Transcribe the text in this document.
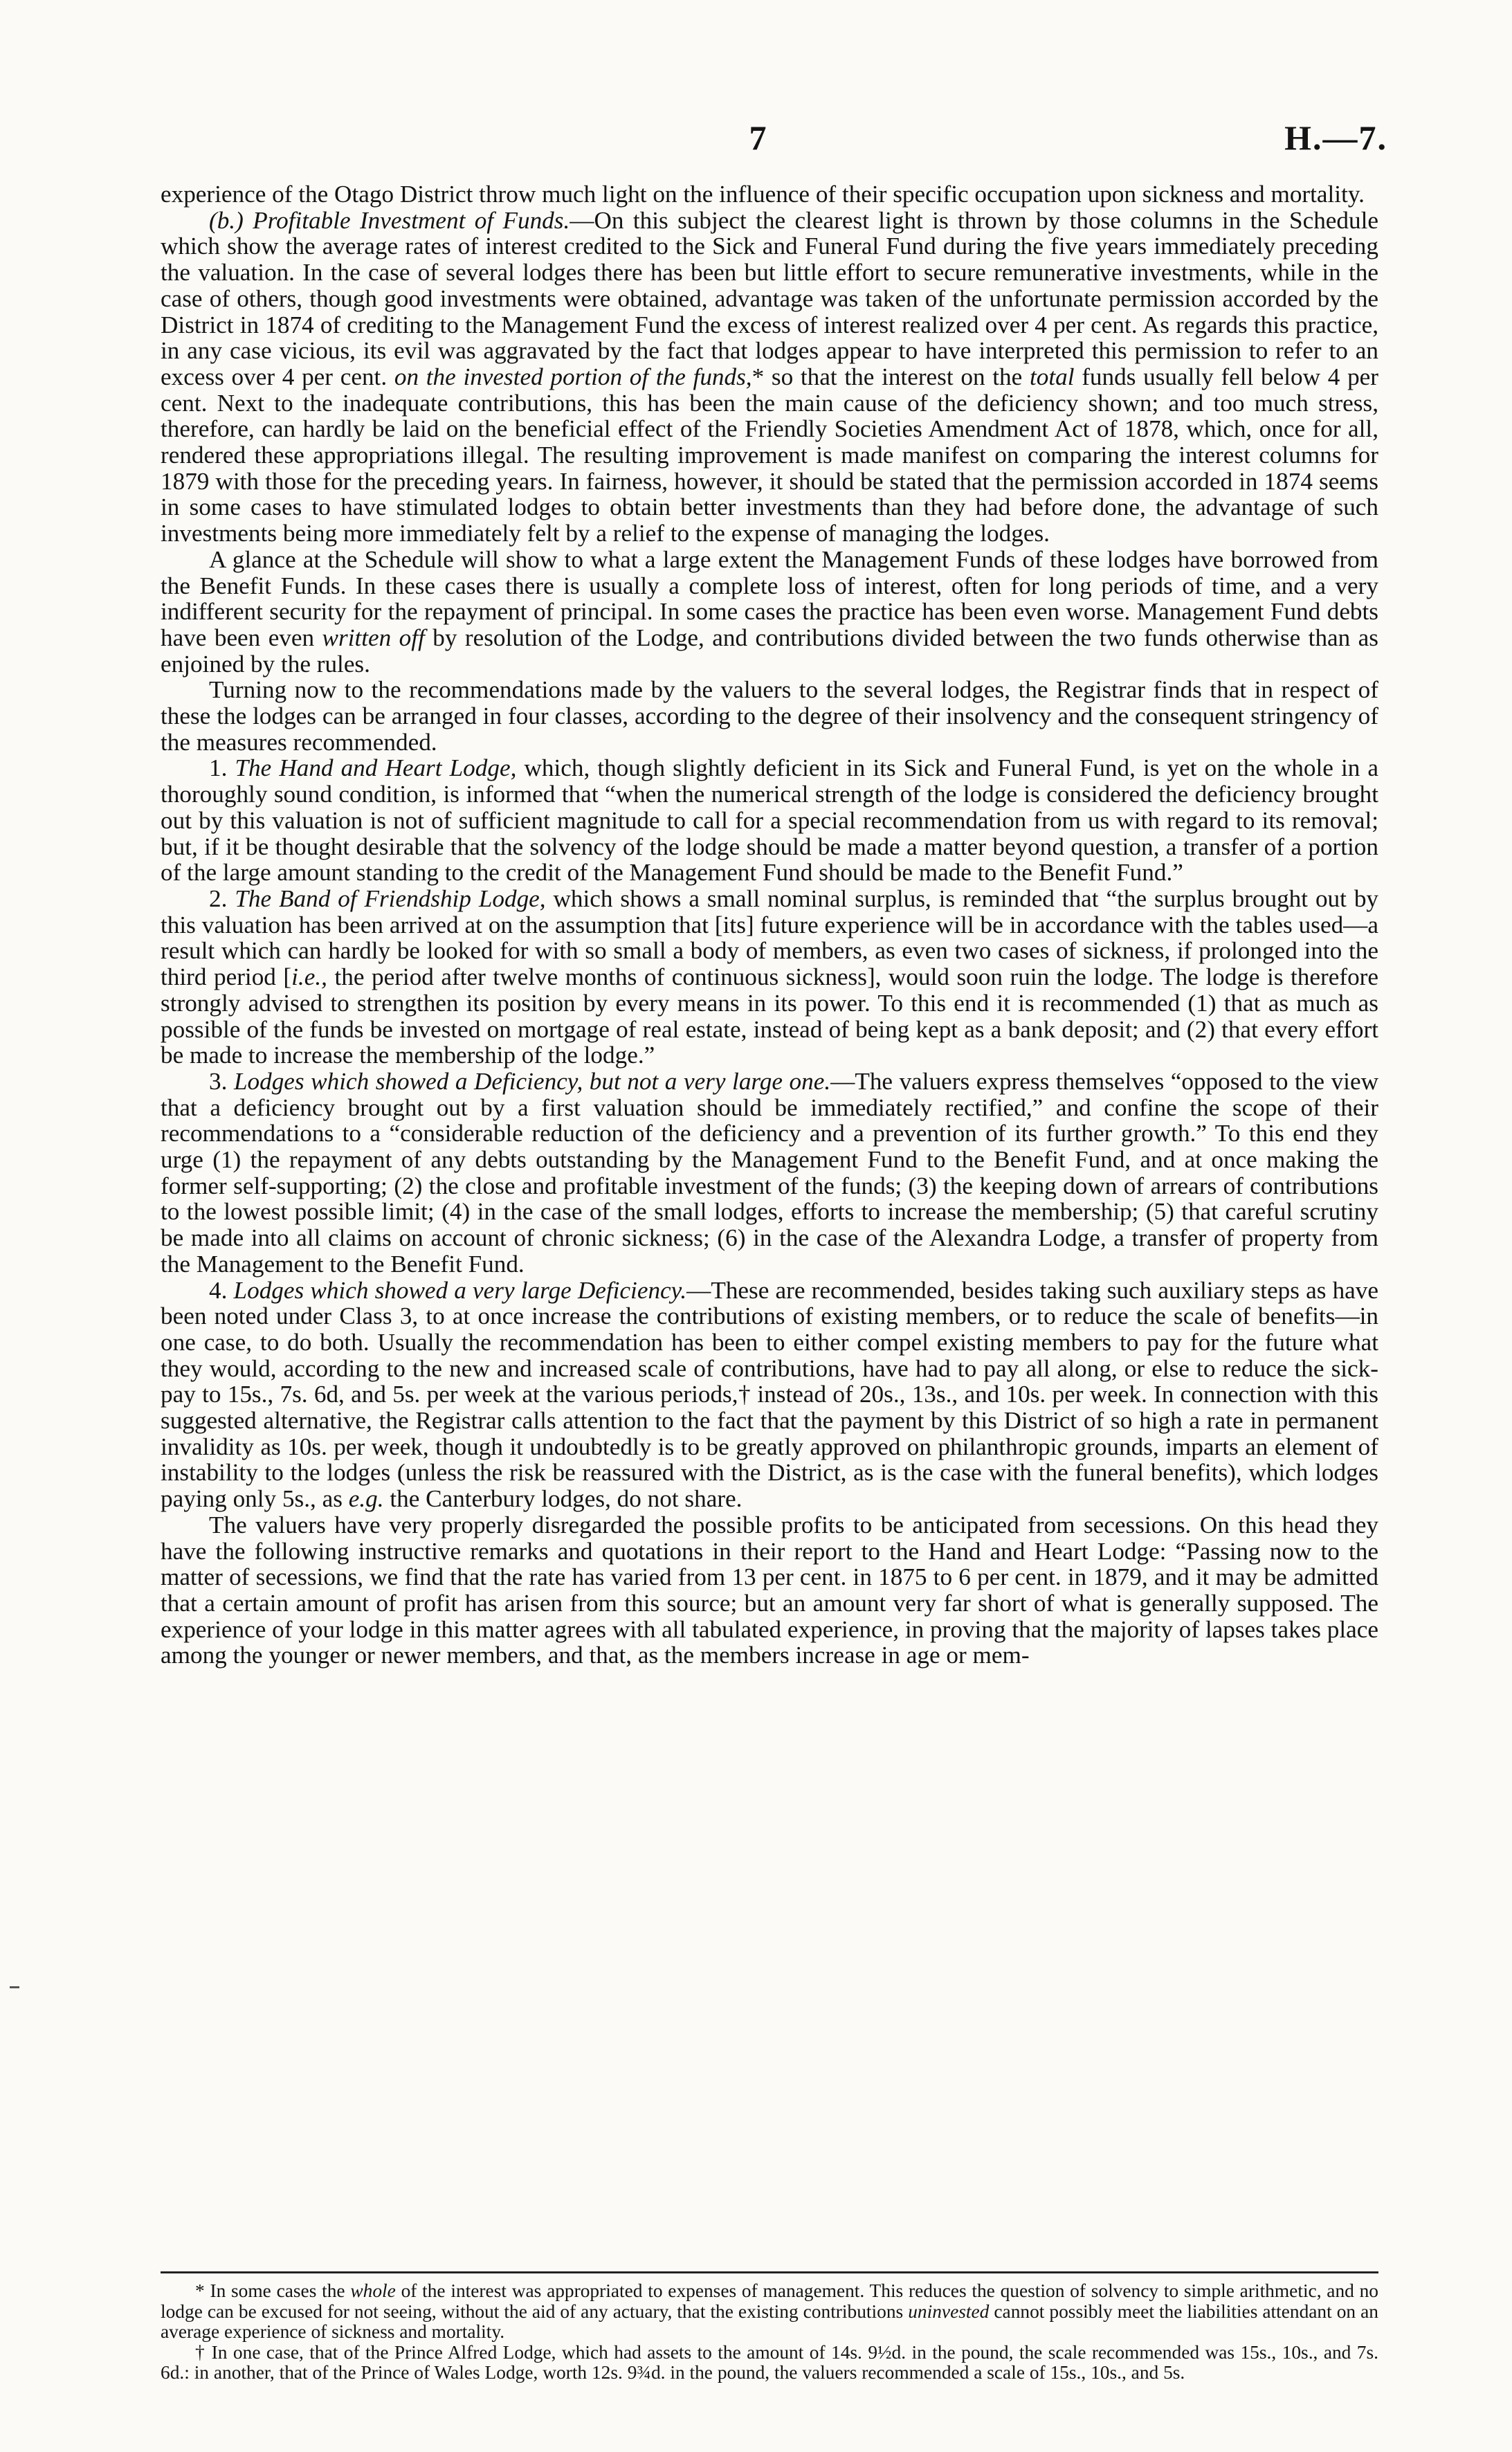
7	H.—7.

experience of the Otago District throw much light on the influence of their specific occupation upon sickness and mortality.

(b.) Profitable Investment of Funds.—On this subject the clearest light is thrown by those columns in the Schedule which show the average rates of interest credited to the Sick and Funeral Fund during the five years immediately preceding the valuation. In the case of several lodges there has been but little effort to secure remunerative investments, while in the case of others, though good investments were obtained, advantage was taken of the unfortunate permission accorded by the District in 1874 of crediting to the Management Fund the excess of interest realized over 4 per cent. As regards this practice, in any case vicious, its evil was aggravated by the fact that lodges appear to have interpreted this permission to refer to an excess over 4 per cent. on the invested portion of the funds,* so that the interest on the total funds usually fell below 4 per cent. Next to the inadequate contributions, this has been the main cause of the deficiency shown; and too much stress, therefore, can hardly be laid on the beneficial effect of the Friendly Societies Amendment Act of 1878, which, once for all, rendered these appropriations illegal. The resulting improvement is made manifest on comparing the interest columns for 1879 with those for the preceding years. In fairness, however, it should be stated that the permission accorded in 1874 seems in some cases to have stimulated lodges to obtain better investments than they had before done, the advantage of such investments being more immediately felt by a relief to the expense of managing the lodges.

A glance at the Schedule will show to what a large extent the Management Funds of these lodges have borrowed from the Benefit Funds. In these cases there is usually a complete loss of interest, often for long periods of time, and a very indifferent security for the repayment of principal. In some cases the practice has been even worse. Management Fund debts have been even written off by resolution of the Lodge, and contributions divided between the two funds otherwise than as enjoined by the rules.

Turning now to the recommendations made by the valuers to the several lodges, the Registrar finds that in respect of these the lodges can be arranged in four classes, according to the degree of their insolvency and the consequent stringency of the measures recommended.

1. The Hand and Heart Lodge, which, though slightly deficient in its Sick and Funeral Fund, is yet on the whole in a thoroughly sound condition, is informed that “when the numerical strength of the lodge is considered the deficiency brought out by this valuation is not of sufficient magnitude to call for a special recommendation from us with regard to its removal; but, if it be thought desirable that the solvency of the lodge should be made a matter beyond question, a transfer of a portion of the large amount standing to the credit of the Management Fund should be made to the Benefit Fund.”

2. The Band of Friendship Lodge, which shows a small nominal surplus, is reminded that “the surplus brought out by this valuation has been arrived at on the assumption that [its] future experience will be in accordance with the tables used—a result which can hardly be looked for with so small a body of members, as even two cases of sickness, if prolonged into the third period [i.e., the period after twelve months of continuous sickness], would soon ruin the lodge. The lodge is therefore strongly advised to strengthen its position by every means in its power. To this end it is recommended (1) that as much as possible of the funds be invested on mortgage of real estate, instead of being kept as a bank deposit; and (2) that every effort be made to increase the membership of the lodge.”

3. Lodges which showed a Deficiency, but not a very large one.—The valuers express themselves “opposed to the view that a deficiency brought out by a first valuation should be immediately rectified,” and confine the scope of their recommendations to a “considerable reduction of the deficiency and a prevention of its further growth.” To this end they urge (1) the repayment of any debts outstanding by the Management Fund to the Benefit Fund, and at once making the former self-supporting; (2) the close and profitable investment of the funds; (3) the keeping down of arrears of contributions to the lowest possible limit; (4) in the case of the small lodges, efforts to increase the membership; (5) that careful scrutiny be made into all claims on account of chronic sickness; (6) in the case of the Alexandra Lodge, a transfer of property from the Management to the Benefit Fund.

4. Lodges which showed a very large Deficiency.—These are recommended, besides taking such auxiliary steps as have been noted under Class 3, to at once increase the contributions of existing members, or to reduce the scale of benefits—in one case, to do both. Usually the recommendation has been to either compel existing members to pay for the future what they would, according to the new and increased scale of contributions, have had to pay all along, or else to reduce the sick-pay to 15s., 7s. 6d, and 5s. per week at the various periods,† instead of 20s., 13s., and 10s. per week. In connection with this suggested alternative, the Registrar calls attention to the fact that the payment by this District of so high a rate in permanent invalidity as 10s. per week, though it undoubtedly is to be greatly approved on philanthropic grounds, imparts an element of instability to the lodges (unless the risk be reassured with the District, as is the case with the funeral benefits), which lodges paying only 5s., as e.g. the Canterbury lodges, do not share.

The valuers have very properly disregarded the possible profits to be anticipated from secessions. On this head they have the following instructive remarks and quotations in their report to the Hand and Heart Lodge: “Passing now to the matter of secessions, we find that the rate has varied from 13 per cent. in 1875 to 6 per cent. in 1879, and it may be admitted that a certain amount of profit has arisen from this source; but an amount very far short of what is generally supposed. The experience of your lodge in this matter agrees with all tabulated experience, in proving that the majority of lapses takes place among the younger or newer members, and that, as the members increase in age or mem-

* In some cases the whole of the interest was appropriated to expenses of management. This reduces the question of solvency to simple arithmetic, and no lodge can be excused for not seeing, without the aid of any actuary, that the existing contributions uninvested cannot possibly meet the liabilities attendant on an average experience of sickness and mortality.

† In one case, that of the Prince Alfred Lodge, which had assets to the amount of 14s. 9½d. in the pound, the scale recommended was 15s., 10s., and 7s. 6d.: in another, that of the Prince of Wales Lodge, worth 12s. 9¾d. in the pound, the valuers recommended a scale of 15s., 10s., and 5s.
